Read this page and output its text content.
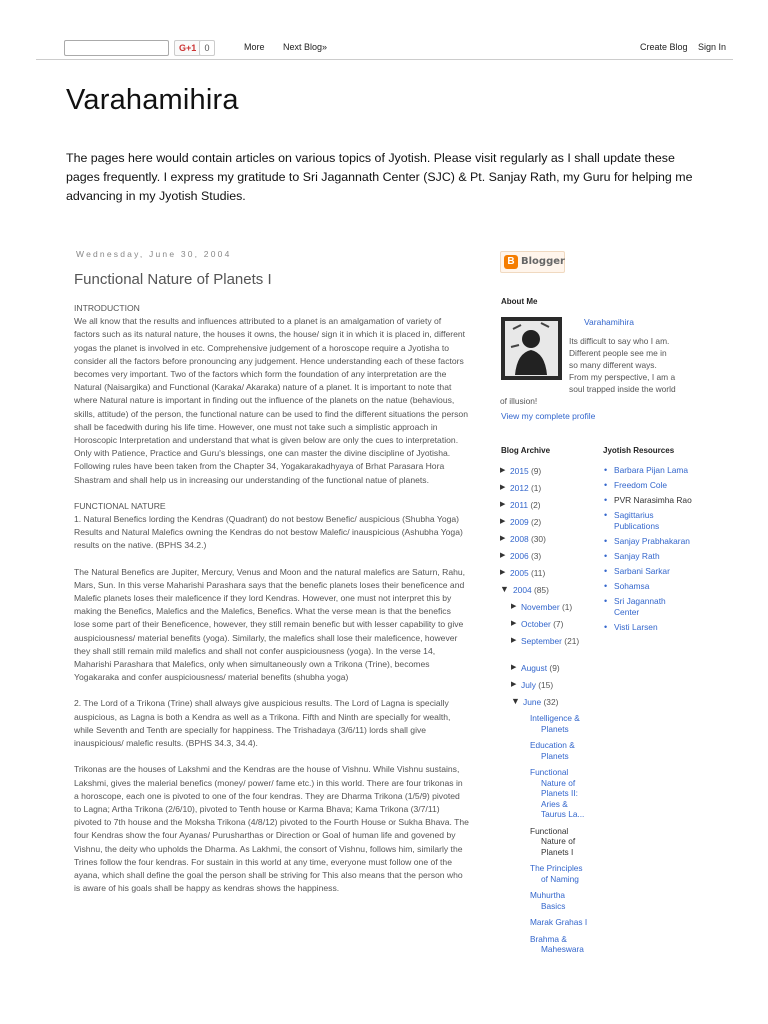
G+1 0	More Next Blog»	Create Blog Sign In
Varahamihira
The pages here would contain articles on various topics of Jyotish. Please visit regularly as I shall update these pages frequently. I express my gratitude to Sri Jagannath Center (SJC) & Pt. Sanjay Rath, my Guru for helping me advancing in my Jyotish Studies.
Wednesday, June 30, 2004
Functional Nature of Planets I

INTRODUCTION
We all know that the results and influences attributed to a planet is an amalgamation of variety of factors such as its natural nature, the houses it owns, the house/ sign it in which it is placed in, different yogas the planet is involved in etc. Comprehensive judgement of a horoscope require a Jyotisha to consider all the factors before pronouncing any judgement. Hence understanding each of these factors becomes very important. Two of the factors which form the foundation of any interpretation are the Natural (Naisargika) and Functional (Karaka/ Akaraka) nature of a planet. It is important to note that where Natural nature is important in finding out the influence of the planets on the natue (behavious, skills, attitude) of the person, the functional nature can be used to find the different situations the person shall be facedwith during his life time. However, one must not take such a simplistic approach in Horoscopic Interpretation and understand that what is given below are only the cues to interpretation. Only with Patience, Practice and Guru's blessings, one can master the divine discipline of Jyotisha. Following rules have been taken from the Chapter 34, Yogakarakadhyaya of Brhat Parasara Hora Shastram and shall help us in increasing our understanding of the functional natue of planets.

FUNCTIONAL NATURE
1. Natural Benefics lording the Kendras (Quadrant) do not bestow Benefic/ auspicious (Shubha Yoga) Results and Natural Malefics owning the Kendras do not bestow Malefic/ inauspicious (Ashubha Yoga) results on the native. (BPHS 34.2.)

The Natural Benefics are Jupiter, Mercury, Venus and Moon and the natural malefics are Saturn, Rahu, Mars, Sun. In this verse Maharishi Parashara says that the benefic planets loses their beneficence and Malefic planets loses their maleficence if they lord Kendras. However, one must not interpret this by making the Benefics, Malefics and the Malefics, Benefics. What the verse mean is that the benefics lose some part of their Beneficence, however, they still remain benefic but with lesser capability to give auspiciousness/ material benefits (yoga). Similarly, the malefics shall lose their maleficence, however they shall still remain mild malefics and shall not confer auspiciousness (yoga). In the verse 14, Maharishi Parashara that Malefics, only when simultaneously own a Trikona (Trine), becomes Yogakaraka and confer auspiciousness/ material benefits (shubha yoga)

2. The Lord of a Trikona (Trine) shall always give auspicious results. The Lord of Lagna is specially auspicious, as Lagna is both a Kendra as well as a Trikona. Fifth and Ninth are specially for wealth, while Seventh and Tenth are specially for happiness. The Trishadaya (3/6/11) lords shall give inauspicious/ malefic results. (BPHS 34.3, 34.4).

Trikonas are the houses of Lakshmi and the Kendras are the house of Vishnu. While Vishnu sustains, Lakshmi, gives the malerial benefics (money/ power/ fame etc.) in this world. There are four trikonas in a horoscope, each one is pivoted to one of the four kendras. They are Dharma Trikona (1/5/9) pivoted to Lagna; Artha Trikona (2/6/10), pivoted to Tenth house or Karma Bhava; Kama Trikona (3/7/11) pivoted to 7th house and the Moksha Trikona (4/8/12) pivoted to the Fourth House or Sukha Bhava. The four Kendras show the four Ayanas/ Purusharthas or Direction or Goal of human life and govened by Vishnu, the deity who upholds the Dharma. As Lakhmi, the consort of Vishnu, follows him, similarly the Trines follow the four kendras. For sustain in this world at any time, everyone must follow one of the ayana, which shall define the goal the person shall be striving for This also means that the person who is aware of his goals shall be happy as kendras shows the happiness.

B Blogger
About Me
Varahamihira
Its difficult to say who I am.
Different people see me in
so many different ways.
From my perspective, I am a
soul trapped inside the world
of illusion!
View my complete profile
Blog Archive
▶ 2015 (9)
▶ 2012 (1)
▶ 2011 (2)
▶ 2009 (2)
▶ 2008 (30)
▶ 2006 (3)
▶ 2005 (11)
▼ 2004 (85)
▶ November (1)
▶ October (7)
▶ September (21)
▶ August (9)
▶ July (15)
▼ June (32)
Intelligence & Planets
Education & Planets
Functional Nature of Planets II: Aries & Taurus La...
Functional Nature of Planets I
The Principles of Naming
Muhurtha Basics
Marak Grahas I
Brahma & Maheswara
Jyotish Resources
• Barbara Pijan Lama
• Freedom Cole
• PVR Narasimha Rao
• Sagittarius Publications
• Sanjay Prabhakaran
• Sanjay Rath
• Sarbani Sarkar
• Sohamsa
• Sri Jagannath Center
• Visti Larsen
